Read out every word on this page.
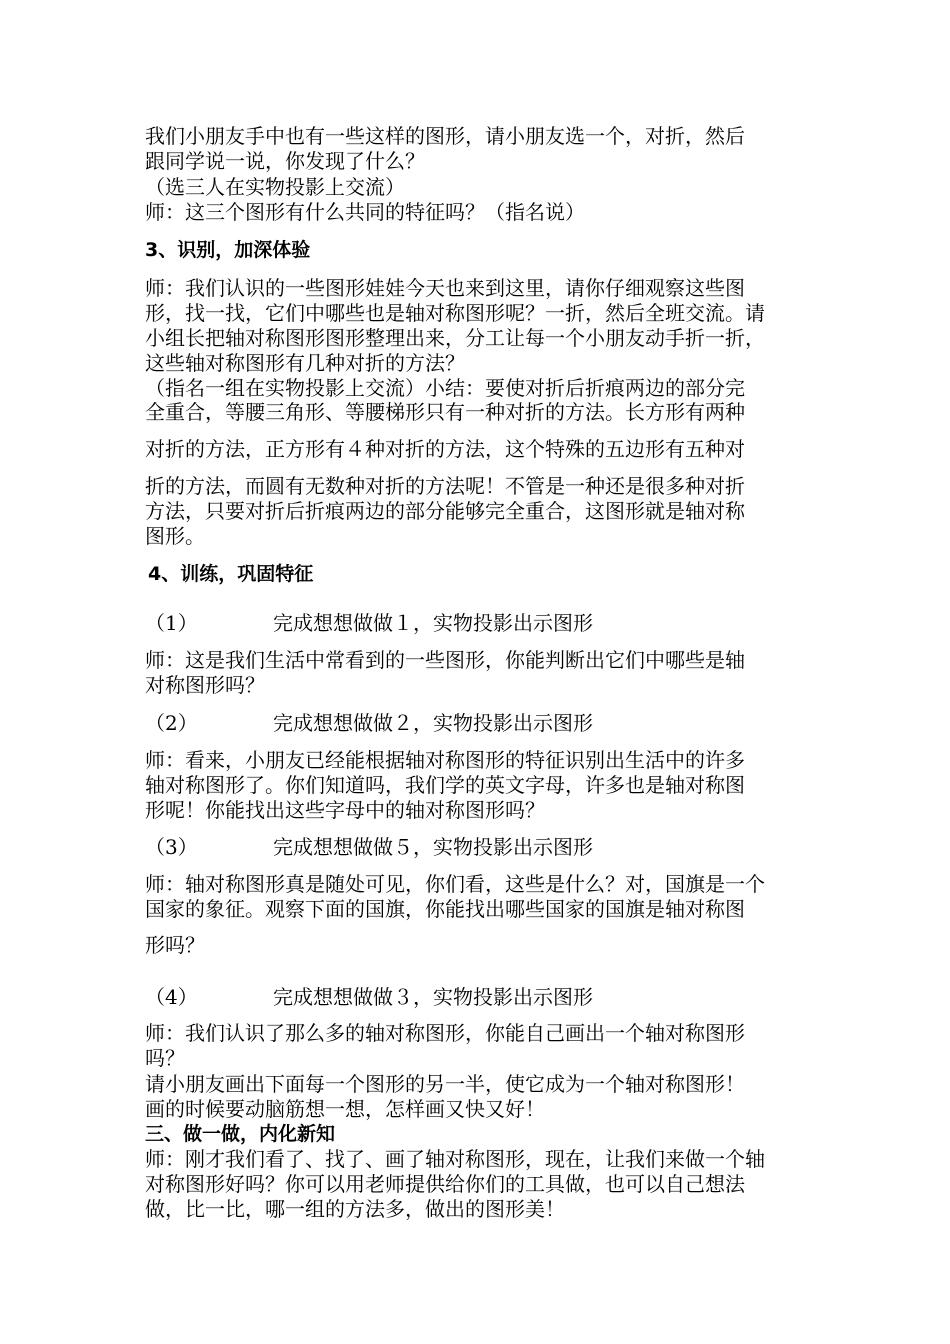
我们小朋友手中也有一些这样的图形，请小朋友选一个，对折，然后
跟同学说一说，你发现了什么？
（选三人在实物投影上交流）
师：这三个图形有什么共同的特征吗？（指名说）
3、识别，加深体验
师：我们认识的一些图形娃娃今天也来到这里，请你仔细观察这些图
形，找一找，它们中哪些也是轴对称图形呢？一折，然后全班交流。请
小组长把轴对称图形图形整理出来，分工让每一个小朋友动手折一折，
这些轴对称图形有几种对折的方法？
（指名一组在实物投影上交流）小结：要使对折后折痕两边的部分完
全重合，等腰三角形、等腰梯形只有一种对折的方法。长方形有两种
对折的方法，正方形有４种对折的方法，这个特殊的五边形有五种对
折的方法，而圆有无数种对折的方法呢！不管是一种还是很多种对折
方法，只要对折后折痕两边的部分能够完全重合，这图形就是轴对称
图形。
4、训练，巩固特征
（1）	完成想想做做１，实物投影出示图形
师：这是我们生活中常看到的一些图形，你能判断出它们中哪些是轴
对称图形吗？
（2）	完成想想做做２，实物投影出示图形
师：看来，小朋友已经能根据轴对称图形的特征识别出生活中的许多
轴对称图形了。你们知道吗，我们学的英文字母，许多也是轴对称图
形呢！你能找出这些字母中的轴对称图形吗？
（3）	完成想想做做５，实物投影出示图形
师：轴对称图形真是随处可见，你们看，这些是什么？对，国旗是一个
国家的象征。观察下面的国旗，你能找出哪些国家的国旗是轴对称图
形吗？
（4）	完成想想做做３，实物投影出示图形
师：我们认识了那么多的轴对称图形，你能自己画出一个轴对称图形
吗？
请小朋友画出下面每一个图形的另一半，使它成为一个轴对称图形！
画的时候要动脑筋想一想，怎样画又快又好！
三、做一做，内化新知
师：刚才我们看了、找了、画了轴对称图形，现在，让我们来做一个轴
对称图形好吗？你可以用老师提供给你们的工具做，也可以自己想法
做，比一比，哪一组的方法多，做出的图形美！
